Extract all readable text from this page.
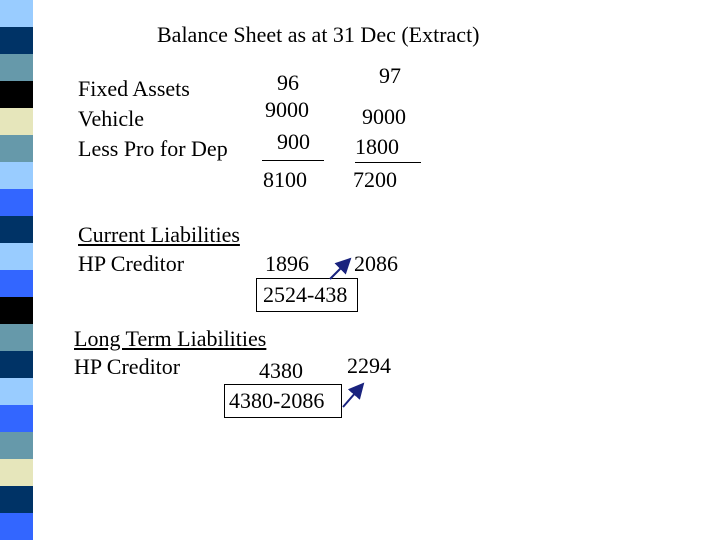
Balance Sheet as at 31 Dec (Extract)
Fixed Assets	96	97
Vehicle	9000 9000
Less Pro for Dep 900 1800
8100 7200
Current Liabilities
HP Creditor	1896 2086
2524-438
Long Term Liabilities
HP Creditor	4380 2294
4380-2086
